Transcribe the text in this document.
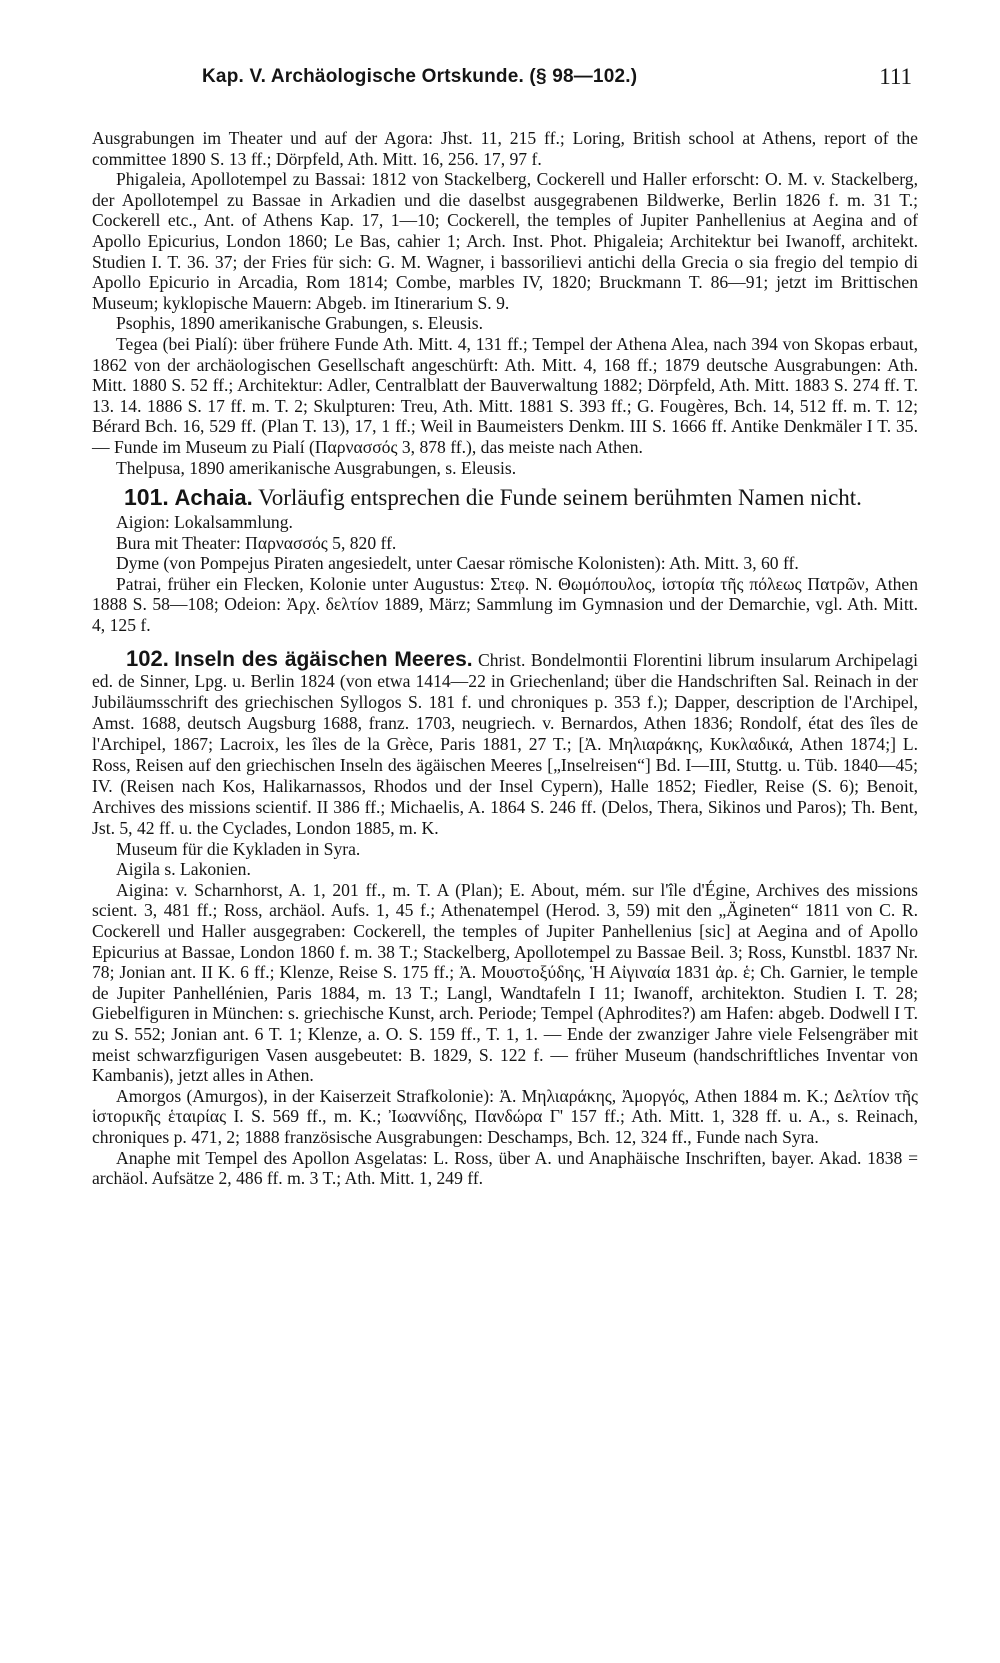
Kap. V. Archäologische Ortskunde. (§ 98—102.)	111

Ausgrabungen im Theater und auf der Agora: Jhst. 11, 215 ff.; Loring, British school at Athens, report of the committee 1890 S. 13 ff.; Dörpfeld, Ath. Mitt. 16, 256. 17, 97 f.

Phigaleia, Apollotempel zu Bassai: 1812 von Stackelberg, Cockerell und Haller erforscht: O. M. v. Stackelberg, der Apollotempel zu Bassae in Arkadien und die daselbst ausgegrabenen Bildwerke, Berlin 1826 f. m. 31 T.; Cockerell etc., Ant. of Athens Kap. 17, 1—10; Cockerell, the temples of Jupiter Panhellenius at Aegina and of Apollo Epicurius, London 1860; Le Bas, cahier 1; Arch. Inst. Phot. Phigaleia; Architektur bei Iwanoff, architekt. Studien I. T. 36. 37; der Fries für sich: G. M. Wagner, i bassorilievi antichi della Grecia o sia fregio del tempio di Apollo Epicurio in Arcadia, Rom 1814; Combe, marbles IV, 1820; Bruckmann T. 86—91; jetzt im Brittischen Museum; kyklopische Mauern: Abgeb. im Itinerarium S. 9.

Psophis, 1890 amerikanische Grabungen, s. Eleusis.

Tegea (bei Pialí): über frühere Funde Ath. Mitt. 4, 131 ff.; Tempel der Athena Alea, nach 394 von Skopas erbaut, 1862 von der archäologischen Gesellschaft angeschürft: Ath. Mitt. 4, 168 ff.; 1879 deutsche Ausgrabungen: Ath. Mitt. 1880 S. 52 ff.; Architektur: Adler, Centralblatt der Bauverwaltung 1882; Dörpfeld, Ath. Mitt. 1883 S. 274 ff. T. 13. 14. 1886 S. 17 ff. m. T. 2; Skulpturen: Treu, Ath. Mitt. 1881 S. 393 ff.; G. Fougères, Bch. 14, 512 ff. m. T. 12; Bérard Bch. 16, 529 ff. (Plan T. 13), 17, 1 ff.; Weil in Baumeisters Denkm. III S. 1666 ff. Antike Denkmäler I T. 35. — Funde im Museum zu Pialí (Παρνασσός 3, 878 ff.), das meiste nach Athen.

Thelpusa, 1890 amerikanische Ausgrabungen, s. Eleusis.

101. Achaia. Vorläufig entsprechen die Funde seinem berühmten Namen nicht.

Aigion: Lokalsammlung.

Bura mit Theater: Παρνασσός 5, 820 ff.

Dyme (von Pompejus Piraten angesiedelt, unter Caesar römische Kolonisten): Ath. Mitt. 3, 60 ff.

Patrai, früher ein Flecken, Kolonie unter Augustus: Στεφ. Ν. Θωμόπουλος, ἱστορία τῆς πόλεως Πατρῶν, Athen 1888 S. 58—108; Odeion: Ἀρχ. δελτίον 1889, März; Sammlung im Gymnasion und der Demarchie, vgl. Ath. Mitt. 4, 125 f.

102. Inseln des ägäischen Meeres. Christ. Bondelmontii Florentini librum insularum Archipelagi ed. de Sinner, Lpg. u. Berlin 1824 (von etwa 1414—22 in Griechenland; über die Handschriften Sal. Reinach in der Jubiläumsschrift des griechischen Syllogos S. 181 f. und chroniques p. 353 f.); Dapper, description de l'Archipel, Amst. 1688, deutsch Augsburg 1688, franz. 1703, neugriech. v. Bernardos, Athen 1836; Rondolf, état des îles de l'Archipel, 1867; Lacroix, les îles de la Grèce, Paris 1881, 27 T.; [Ἀ. Μηλιαράκης, Κυκλαδικά, Athen 1874;] L. Ross, Reisen auf den griechischen Inseln des ägäischen Meeres [„Inselreisen“] Bd. I—III, Stuttg. u. Tüb. 1840—45; IV. (Reisen nach Kos, Halikarnassos, Rhodos und der Insel Cypern), Halle 1852; Fiedler, Reise (S. 6); Benoit, Archives des missions scientif. II 386 ff.; Michaelis, A. 1864 S. 246 ff. (Delos, Thera, Sikinos und Paros); Th. Bent, Jst. 5, 42 ff. u. the Cyclades, London 1885, m. K.

Museum für die Kykladen in Syra.

Aigila s. Lakonien.

Aigina: v. Scharnhorst, A. 1, 201 ff., m. T. A (Plan); E. About, mém. sur l'île d'Égine, Archives des missions scient. 3, 481 ff.; Ross, archäol. Aufs. 1, 45 f.; Athenatempel (Herod. 3, 59) mit den „Ägineten“ 1811 von C. R. Cockerell und Haller ausgegraben: Cockerell, the temples of Jupiter Panhellenius [sic] at Aegina and of Apollo Epicurius at Bassae, London 1860 f. m. 38 T.; Stackelberg, Apollotempel zu Bassae Beil. 3; Ross, Kunstbl. 1837 Nr. 78; Jonian ant. II K. 6 ff.; Klenze, Reise S. 175 ff.; Ἀ. Μουστοξύδης, Ἡ Αἰγιναία 1831 ἀρ. ἑ; Ch. Garnier, le temple de Jupiter Panhellénien, Paris 1884, m. 13 T.; Langl, Wandtafeln I 11; Iwanoff, architekton. Studien I. T. 28; Giebelfiguren in München: s. griechische Kunst, arch. Periode; Tempel (Aphrodites?) am Hafen: abgeb. Dodwell I T. zu S. 552; Jonian ant. 6 T. 1; Klenze, a. O. S. 159 ff., T. 1, 1. — Ende der zwanziger Jahre viele Felsengräber mit meist schwarzfigurigen Vasen ausgebeutet: B. 1829, S. 122 f. — früher Museum (handschriftliches Inventar von Kambanis), jetzt alles in Athen.

Amorgos (Amurgos), in der Kaiserzeit Strafkolonie): Ἀ. Μηλιαράκης, Ἀμοργός, Athen 1884 m. K.; Δελτίον τῆς ἱστορικῆς ἑταιρίας I. S. 569 ff., m. K.; Ἰωαννίδης, Πανδώρα Γ' 157 ff.; Ath. Mitt. 1, 328 ff. u. A., s. Reinach, chroniques p. 471, 2; 1888 französische Ausgrabungen: Deschamps, Bch. 12, 324 ff., Funde nach Syra.

Anaphe mit Tempel des Apollon Asgelatas: L. Ross, über A. und Anaphäische Inschriften, bayer. Akad. 1838 = archäol. Aufsätze 2, 486 ff. m. 3 T.; Ath. Mitt. 1, 249 ff.
